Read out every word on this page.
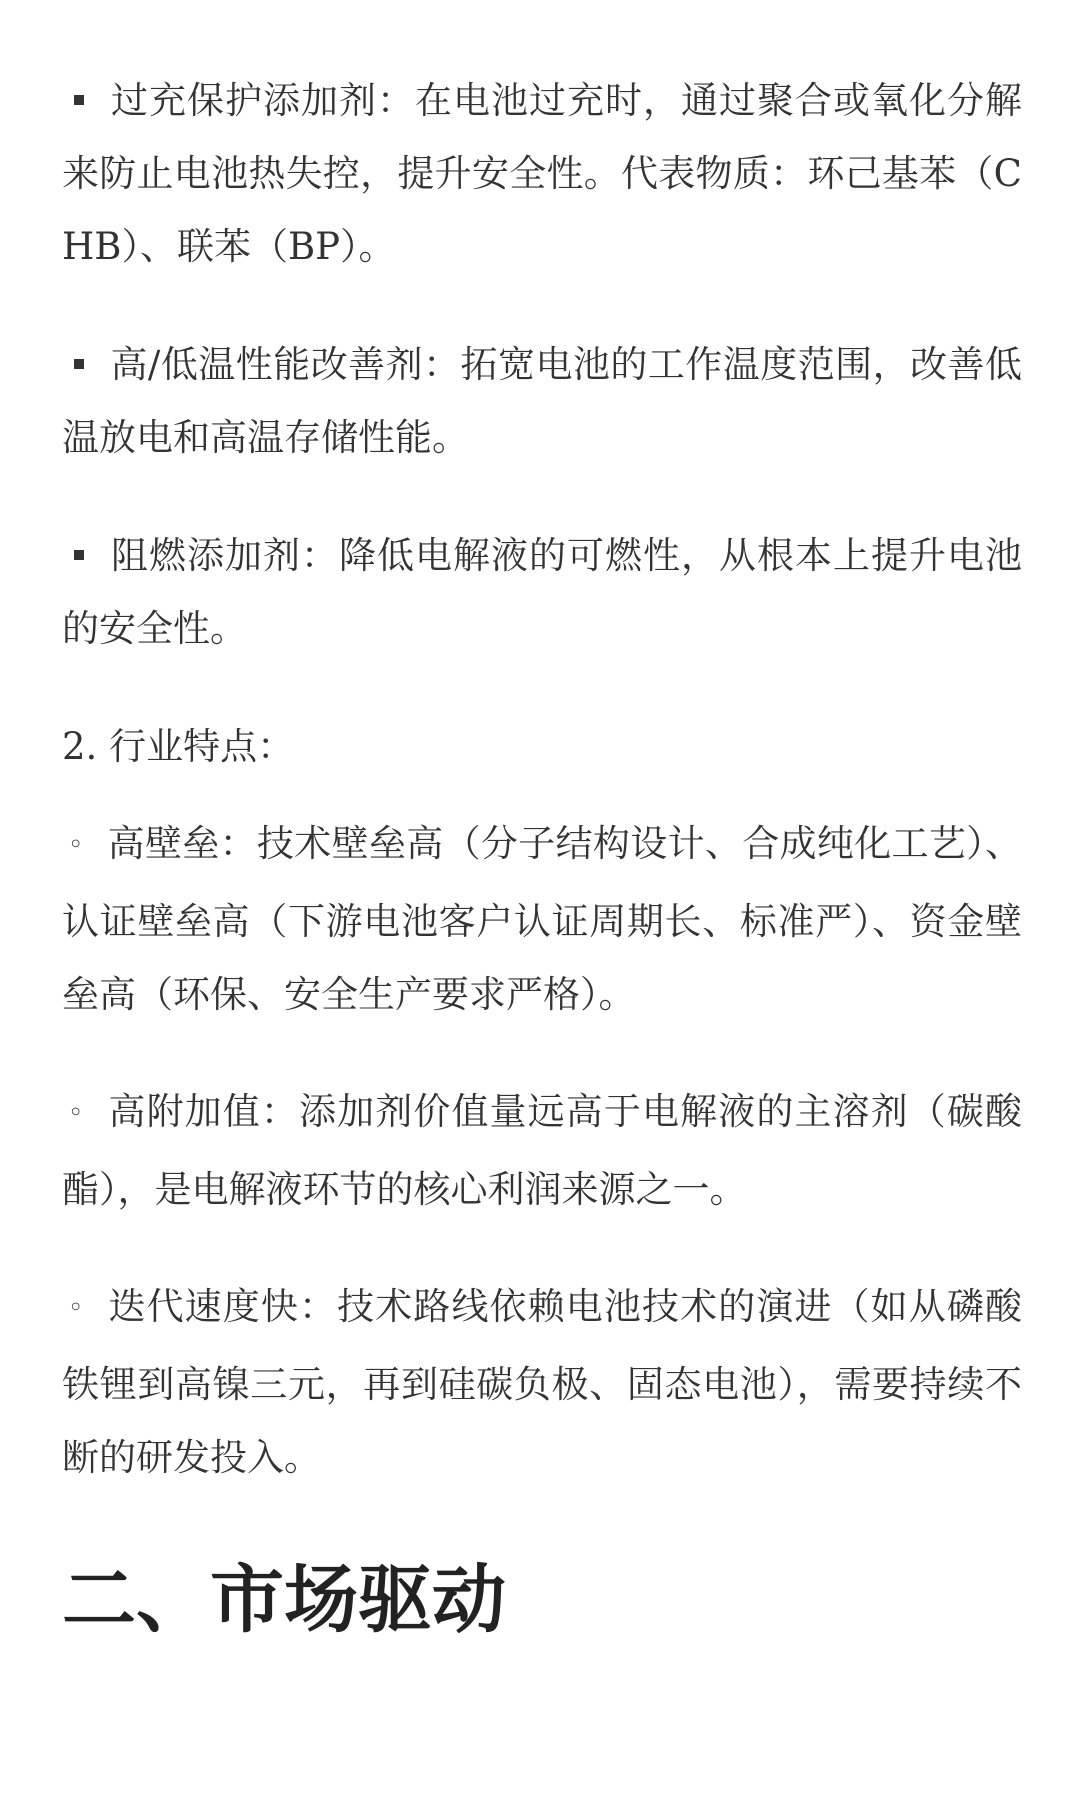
过充保护添加剂：在电池过充时，通过聚合或氧化分解来防止电池热失控，提升安全性。代表物质：环己基苯（CHB）、联苯（BP）。

高/低温性能改善剂：拓宽电池的工作温度范围，改善低温放电和高温存储性能。

阻燃添加剂：降低电解液的可燃性，从根本上提升电池的安全性。

2. 行业特点：

◦ 高壁垒：技术壁垒高（分子结构设计、合成纯化工艺）、认证壁垒高（下游电池客户认证周期长、标准严）、资金壁垒高（环保、安全生产要求严格）。

◦ 高附加值：添加剂价值量远高于电解液的主溶剂（碳酸酯），是电解液环节的核心利润来源之一。

◦ 迭代速度快：技术路线依赖电池技术的演进（如从磷酸铁锂到高镍三元，再到硅碳负极、固态电池），需要持续不断的研发投入。

二、市场驱动
